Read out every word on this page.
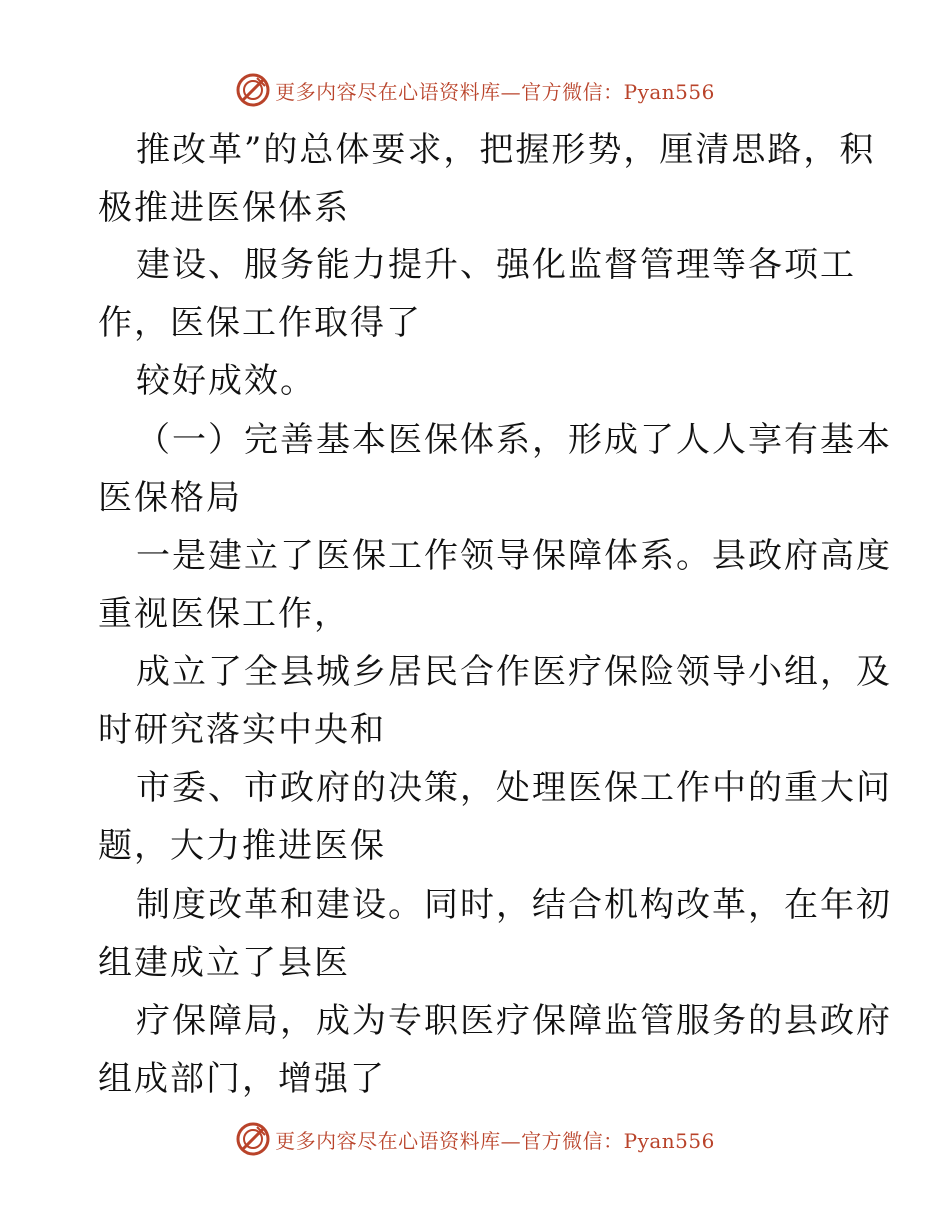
更多内容尽在心语资料库—官方微信：Pyan556

推改革”的总体要求，把握形势，厘清思路，积

极推进医保体系

建设、服务能力提升、强化监督管理等各项工

作，医保工作取得了

较好成效。

（一）完善基本医保体系，形成了人人享有基本

医保格局

一是建立了医保工作领导保障体系。县政府高度

重视医保工作，

成立了全县城乡居民合作医疗保险领导小组，及

时研究落实中央和

市委、市政府的决策，处理医保工作中的重大问

题，大力推进医保

制度改革和建设。同时，结合机构改革，在年初

组建成立了县医

疗保障局，成为专职医疗保障监管服务的县政府

组成部门，增强了

更多内容尽在心语资料库—官方微信：Pyan556
